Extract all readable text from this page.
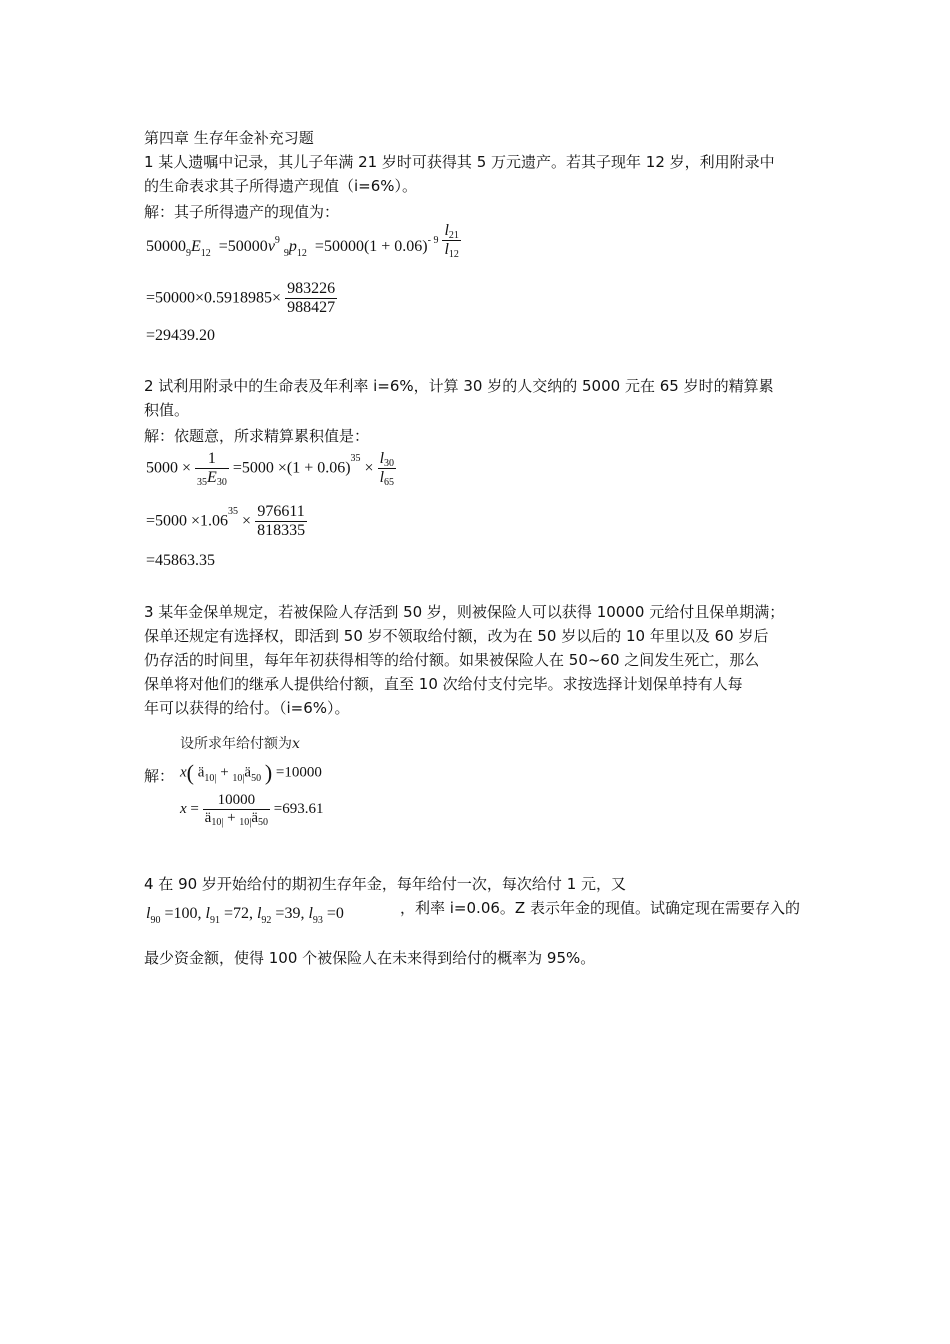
第四章 生存年金补充习题
1 某人遗嘱中记录，其儿子年满 21 岁时可获得其 5 万元遗产。若其子现年 12 岁，利用附录中
的生命表求其子所得遗产现值（i=6%）。
解：其子所得遗产的现值为：
$50000_9E_{12} =50000v^9$ $_9p_{12} =50000(1 + 0.06)^{- 9} \frac{l21}{l12}$
$=50000\times 0.5918985\times \frac{983226}{988427}$
=29439.20
2 试利用附录中的生命表及年利率 i=6%，计算 30 岁的人交纳的 5000 元在 65 岁时的精算累
积值。
解：依题意，所求精算累积值是：
$5000 \times \frac{1}{35E30} =5000 \times(1 + 0.06)^{35} \times \frac{l30}{l65}$
$=5000 \times 1.06^{35} \times \frac{976611}{818335}$
=45863.35
3 某年金保单规定，若被保险人存活到 50 岁，则被保险人可以获得 10000 元给付且保单期满；
保单还规定有选择权，即活到 50 岁不领取给付额，改为在 50 岁以后的 10 年里以及 60 岁后
仍存活的时间里，每年年初获得相等的给付额。如果被保险人在 50~60 之间发生死亡，那么
保单将对他们的继承人提供给付额，直至 10 次给付支付完毕。求按选择计划保单持有人每
年可以获得的给付。（i=6%）。
设所求年给付额为x
解： x( $ä_{10|}$ + $_{10|}ä_{50}$ ) =10000
$x = \frac{10000}{ä_{10|} + _{10|}ä_{50}} =693.61$
4 在 90 岁开始给付的期初生存年金，每年给付一次，每次给付 1 元，又
$l_{90} =100$, $l_{91} =72$, $l_{92} =39$, $l_{93} =0$	，利率 i=0.06。Z 表示年金的现值。试确定现在需要存入的
最少资金额，使得 100 个被保险人在未来得到给付的概率为 95%。
